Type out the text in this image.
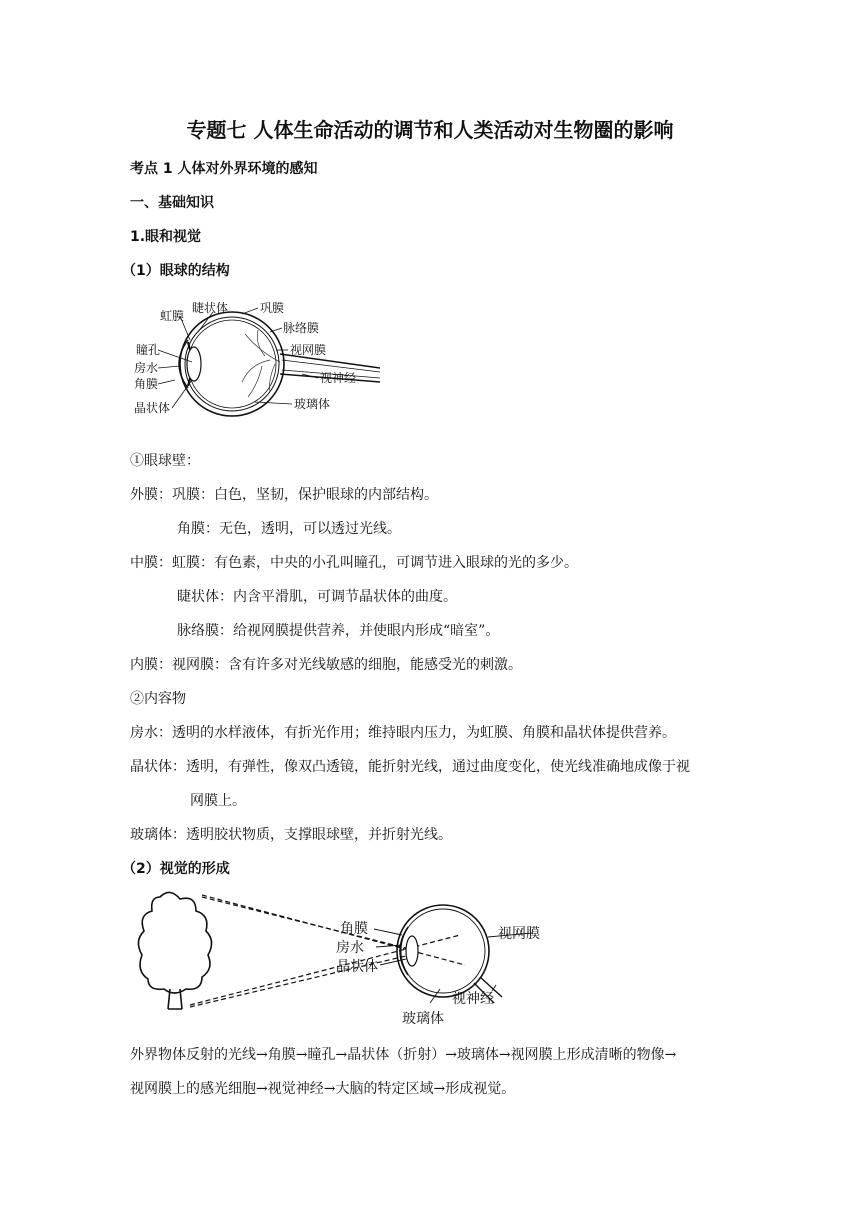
专题七 人体生命活动的调节和人类活动对生物圈的影响
考点 1 人体对外界环境的感知
一、基础知识
1.眼和视觉
（1）眼球的结构
虹膜
睫状体	巩膜
脉络膜
视网膜
瞳孔
房水
角膜	视神经
晶状体	玻璃体
①眼球壁：
外膜：巩膜：白色，坚韧，保护眼球的内部结构。
角膜：无色，透明，可以透过光线。
中膜：虹膜：有色素，中央的小孔叫瞳孔，可调节进入眼球的光的多少。
睫状体：内含平滑肌，可调节晶状体的曲度。
脉络膜：给视网膜提供营养，并使眼内形成“暗室”。
内膜：视网膜：含有许多对光线敏感的细胞，能感受光的刺激。
②内容物
房水：透明的水样液体，有折光作用；维持眼内压力，为虹膜、角膜和晶状体提供营养。
晶状体：透明，有弹性，像双凸透镜，能折射光线，通过曲度变化，使光线准确地成像于视
网膜上。
玻璃体：透明胶状物质，支撑眼球壁，并折射光线。
（2）视觉的形成
角膜
房水
晶状体
视网膜
视神经
玻璃体
外界物体反射的光线→角膜→瞳孔→晶状体（折射）→玻璃体→视网膜上形成清晰的物像→
视网膜上的感光细胞→视觉神经→大脑的特定区域→形成视觉。
